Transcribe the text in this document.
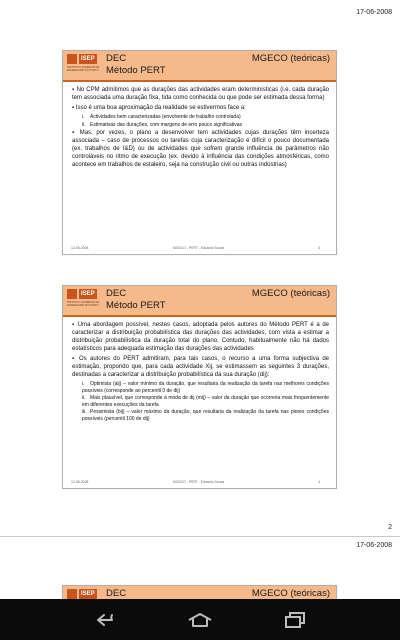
17-06-2008
ISEP
INSTITUTO SUPERIOR DE ENGENHARIA DO PORTO
DEC
Método PERT
MGECO (teóricas)
▪ No CPM admitimos que as durações das actividades eram determinísticas (i.e. cada duração tem associada uma duração fixa, tida como conhecida ou que pode ser estimada dessa forma)
▪ Isso é uma boa aproximação da realidade se estivermos face a:
i. Actividades bem caracterizadas (envolvente de trabalho controlada)
ii. Estimativas das durações, com margens de erro pouco significativas
▪ Mas, por vezes, o plano a desenvolver tem actividades cujas durações têm incerteza associada – caso de processos ou tarefas cuja caracterização é difícil o pouco documentada (ex. trabalhos de I&D) ou de actividades que sofrem grande influência de parâmetros não controláveis no ritmo de execução (ex. devido à influência das condições atmosféricas, como acontece em trabalhos de estaleiro, seja na construção civil ou outras indústrias)
12-06-2008	MGECO - PERT - Eduardo Souza	3
ISEP
INSTITUTO SUPERIOR DE ENGENHARIA DO PORTO
DEC
Método PERT
MGECO (teóricas)
▪ Uma abordagem possível, nestes casos, adoptada pelos autores do Método PERT é a de caracterizar a distribuição probabilística das durações das actividades, com vista a estimar a distribuição probabilística da duração total do plano. Contudo, habitualmente não há dados estatísticos para adequada estimação das durações das actividades
▪ Os autores do PERT admitiram, para tais casos, o recurso a uma forma subjectiva de estimação, propondo que, para cada actividade Xij, se estimassem as seguintes 3 durações, destinadas a caracterizar a distribuição probabilística da sua duração (dij):
i. Optimista (aij) – valor mínimo da duração, que resultaria da realização da tarefa nas melhores condições possíveis (corresponde ao percentil 0 de dij)
ii. Mais plausível, que corresponde à moda de dij (mij) – valor da duração que ocorreria mais frequentemente em diferentes execuções da tarefa
iii. Pessimista (bij) – valor máximo da duração, que resultaria da realização da tarefa nas piores condições possíveis (percentil 100 de dij)
12-06-2008	MGECO - PERT - Eduardo Souza	4
2
17-06-2008
ISEP DEC	MGECO (teóricas)
